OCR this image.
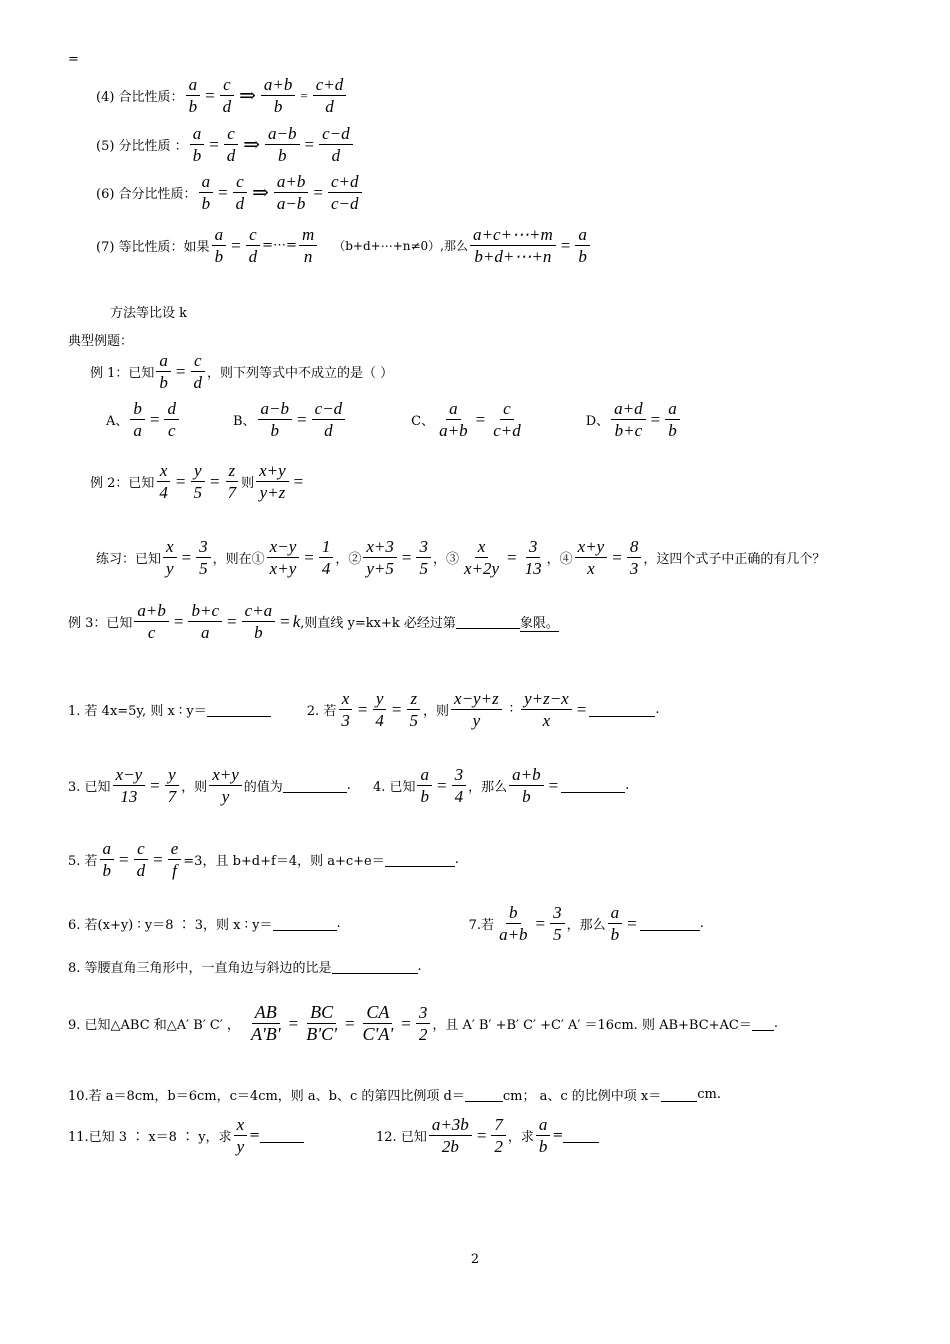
=
(4) 合比性质： $\frac{a}{b} = \frac{c}{d}$ ⇒ $\frac{a+b}{b} = \frac{c+d}{d}$
(5) 分比性质 ： $\frac{a}{b} = \frac{c}{d}$ ⇒ $\frac{a-b}{b} = \frac{c-d}{d}$
(6) 合分比性质： $\frac{a}{b} = \frac{c}{d}$ ⇒ $\frac{a+b}{a-b} = \frac{c+d}{c-d}$
(7) 等比性质：如果 $\frac{a}{b} = \frac{c}{d}$ =⋯= $\frac{m}{n}$ （b+d+⋯+n≠0）,那么 $\frac{a+c+\cdots+m}{b+d+\cdots+n} = \frac{a}{b}$
方法等比设 k
典型例题：
例 1：已知 $\frac{a}{b} = \frac{c}{d}$ ，则下列等式中不成立的是（ ）
A、 $\frac{b}{a} = \frac{d}{c}$	B、 $\frac{a-b}{b} = \frac{c-d}{d}$	C、 $\frac{a}{a+b} = \frac{c}{c+d}$	D、 $\frac{a+d}{b+c} = \frac{a}{b}$
例 2：已知 $\frac{x}{4} = \frac{y}{5} = \frac{z}{7}$ 则 $\frac{x+y}{y+z}$ =
练习：已知 $\frac{x}{y} = \frac{3}{5}$ ，则在① $\frac{x-y}{x+y} = \frac{1}{4}$ ，② $\frac{x+3}{y+5} = \frac{3}{5}$ ，③ $\frac{x}{x+2y} = \frac{3}{13}$ ，④ $\frac{x+y}{x} = \frac{8}{3}$ ，这四个式子中正确的有几个？
例 3：已知 $\frac{a+b}{c} = \frac{b+c}{a} = \frac{c+a}{b} = k$ ,则直线 y=kx+k 必经过第	象限。
1. 若 4x=5y, 则 x ∶ y＝	2. 若 $\frac{x}{3} = \frac{y}{4} = \frac{z}{5}$ ，则 $\frac{x-y+z}{y}$ ∶ $\frac{y+z-x}{x}$ =	.
3. 已知 $\frac{x-y}{13} = \frac{y}{7}$ ，则 $\frac{x+y}{y}$ 的值为	. 4. 已知 $\frac{a}{b} = \frac{3}{4}$ ，那么 $\frac{a+b}{b}$ =	.
5. 若 $\frac{a}{b} = \frac{c}{d} = \frac{e}{f} =3$，且 b+d+f＝4，则 a+c+e＝	.
6. 若(x+y) ∶ y＝8 ∶ 3，则 x ∶ y＝	.	7.若 $\frac{b}{a+b} = \frac{3}{5}$ ，那么 $\frac{a}{b}$ =	.
8. 等腰直角三角形中，一直角边与斜边的比是	.
9. 已知△ABC 和△A′ B′ C′ ， $\frac{AB}{A'B'} = \frac{BC}{B'C'} = \frac{CA}{C'A'} = \frac{3}{2}$ ，且 A′ B′ +B′ C′ +C′ A′ ＝16cm. 则 AB+BC+AC＝ .
10.若 a＝8cm，b＝6cm，c＝4cm，则 a、b、c 的第四比例项 d＝	cm； a、c 的比例中项 x＝	cm.
11.已知 3 ∶ x＝8 ∶ y，求 $\frac{x}{y}$ =	12. 已知 $\frac{a+3b}{2b} = \frac{7}{2}$ ，求 $\frac{a}{b}$ =
2
